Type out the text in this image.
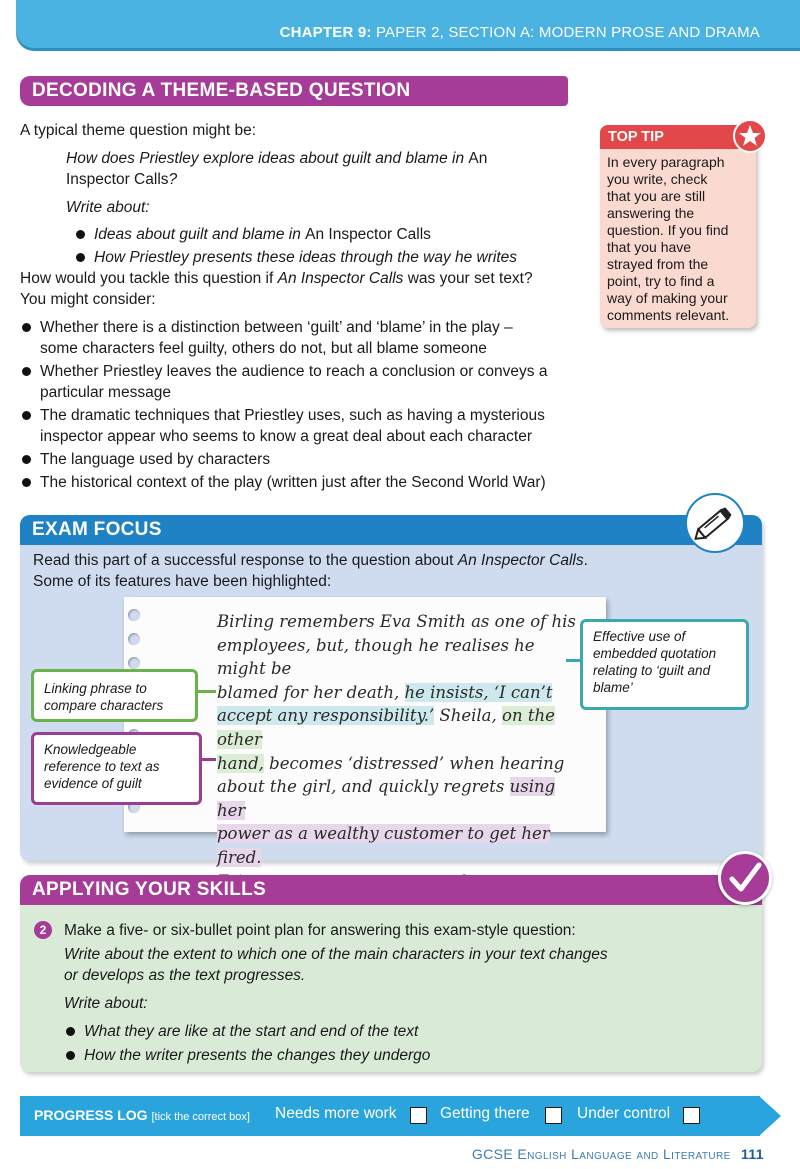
CHAPTER 9: PAPER 2, SECTION A: MODERN PROSE AND DRAMA
DECODING A THEME-BASED QUESTION

A typical theme question might be:

How does Priestley explore ideas about guilt and blame in An

Inspector Calls?

Write about:

Ideas about guilt and blame in An Inspector Calls
How Priestley presents these ideas through the way he writes

How would you tackle this question if An Inspector Calls was your set text?

You might consider:

Whether there is a distinction between ‘guilt’ and ‘blame’ in the play –
some characters feel guilty, others do not, but all blame someone
Whether Priestley leaves the audience to reach a conclusion or conveys a
particular message
The dramatic techniques that Priestley uses, such as having a mysterious
inspector appear who seems to know a great deal about each character
The language used by characters
The historical context of the play (written just after the Second World War)
TOP TIP
In every paragraph
you write, check
that you are still
answering the
question. If you find
that you have
strayed from the
point, try to find a
way of making your
comments relevant.
EXAM FOCUS

Read this part of a successful response to the question about An Inspector Calls.

Some of its features have been highlighted:

Birling remembers Eva Smith as one of his
employees, but, though he realises he might be
blamed for her death, he insists, ‘I can’t
accept any responsibility.’ Sheila, on the other
hand, becomes ‘distressed’ when hearing
about the girl, and quickly regrets using her
power as a wealthy customer to get her fired.
Effective use of
embedded quotation
relating to ‘guilt and
blame’
Linking phrase to
compare characters
Knowledgeable
reference to text as
evidence of guilt
APPLYING YOUR SKILLS
2	Make a five- or six-bullet point plan for answering this exam-style question:

Write about the extent to which one of the main characters in your text changes

or develops as the text progresses.

Write about:

What they are like at the start and end of the text
How the writer presents the changes they undergo
PROGRESS LOG [tick the correct box] Needs more work	Getting there	Under control
GCSE English Language and Literature 111
